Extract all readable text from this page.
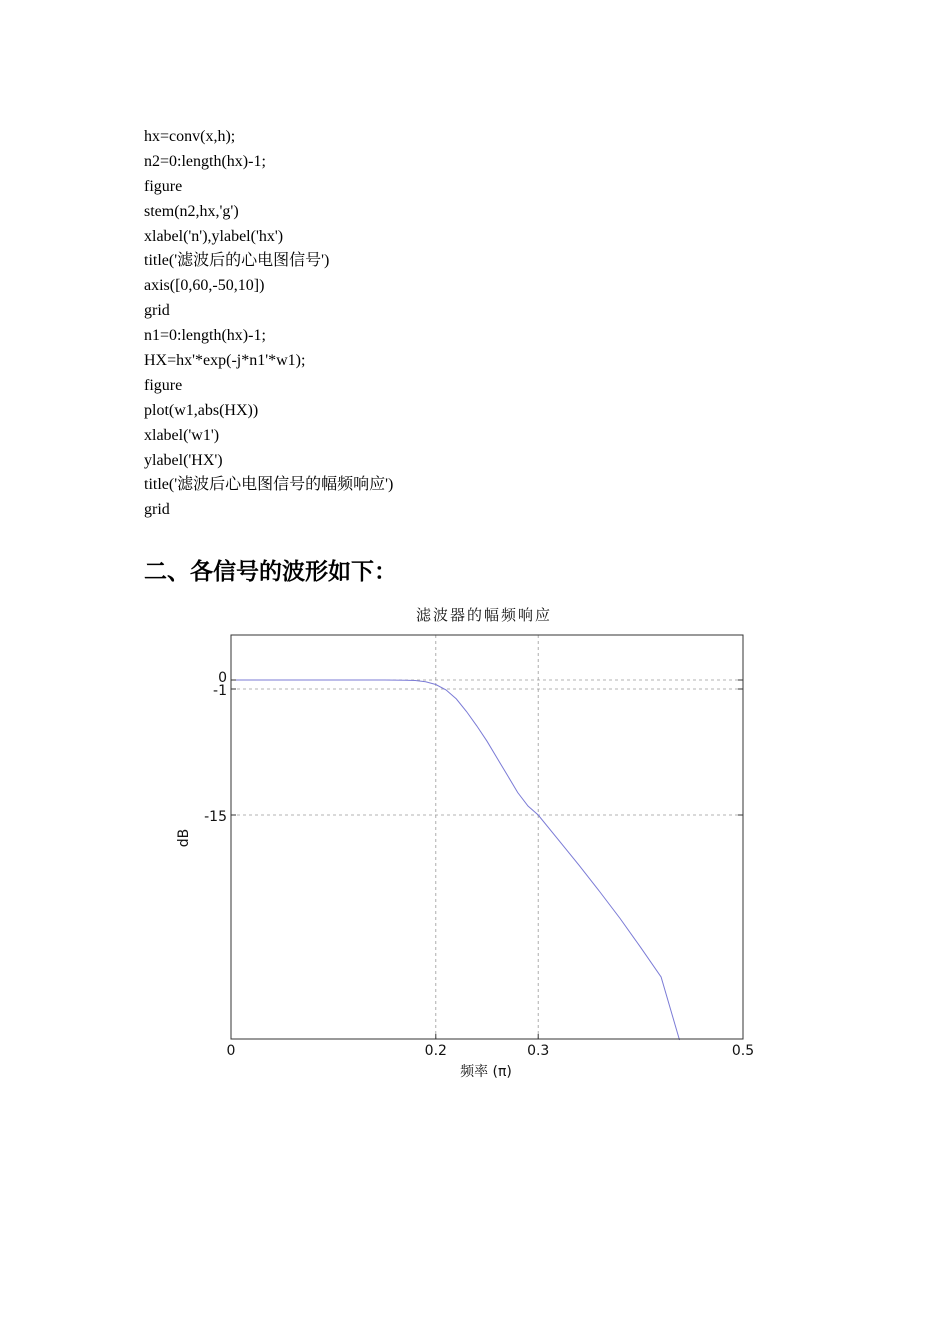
hx=conv(x,h);
n2=0:length(hx)-1;
figure
stem(n2,hx,'g')
xlabel('n'),ylabel('hx')
title('滤波后的心电图信号')
axis([0,60,-50,10])
grid
n1=0:length(hx)-1;
HX=hx'*exp(-j*n1'*w1);
figure
plot(w1,abs(HX))
xlabel('w1')
ylabel('HX')
title('滤波后心电图信号的幅频响应')
grid
二、各信号的波形如下：
0	0.2	0.3	0.5
0
-1
-15
滤波器的幅频响应
频率 (π)
dB
